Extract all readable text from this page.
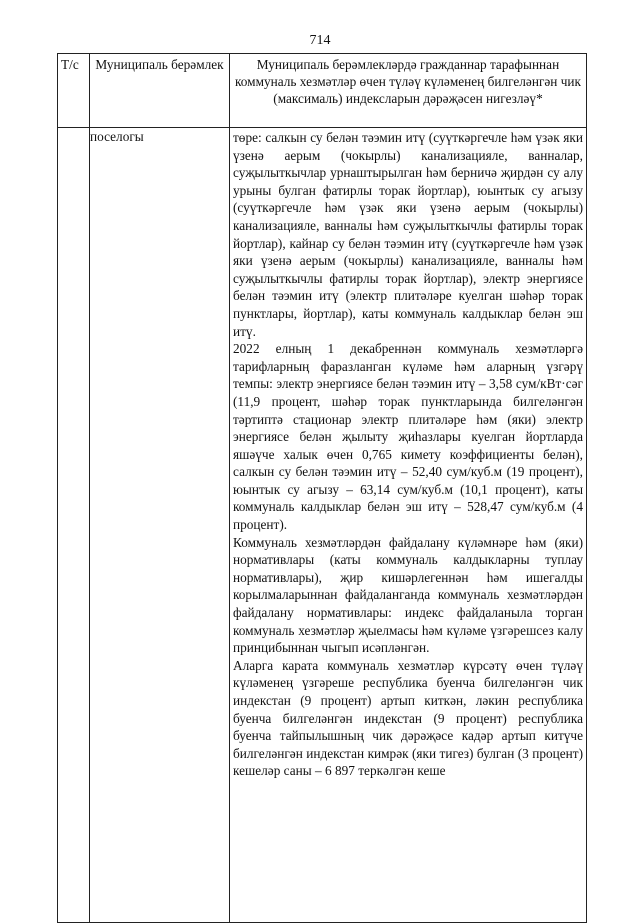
714
Т/с	Муниципаль берәмлек	Муниципаль берәмлекләрдә гражданнар тарафыннан коммуналь хезмәтләр өчен түләү күләменең билгеләнгән чик (максималь) индексларын дәрәҗәсен нигезләү*
	поселогы	төре: салкын су белән тәэмин итү (суүткәргечле һәм үзәк яки үзенә аерым (чокырлы) канализацияле, ванналар, суҗылыткычлар урнаштырылган һәм берничә җирдән су алу урыны булган фатирлы торак йортлар), юынтык су агызу (суүткәргечле һәм үзәк яки үзенә аерым (чокырлы) канализацияле, ванналы һәм суҗылыткычлы фатирлы торак йортлар), кайнар су белән тәэмин итү (суүткәргечле һәм үзәк яки үзенә аерым (чокырлы) канализацияле, ванналы һәм суҗылыткычлы фатирлы торак йортлар), электр энергиясе белән тәэмин итү (электр плитәләре куелган шәһәр торак пунктлары, йортлар), каты коммуналь калдыклар белән эш итү.

2022 елның 1 декабреннән коммуналь хезмәтләргә тарифларның фаразланган күләме һәм аларның үзгәрү темпы: электр энергиясе белән тәэмин итү – 3,58 сум/кВт·сәг (11,9 процент, шәһәр торак пунктларында билгеләнгән тәртиптә стационар электр плитәләре һәм (яки) электр энергиясе белән җылыту җиһазлары куелган йортларда яшәүче халык өчен 0,765 кимету коэффициенты белән), салкын су белән тәэмин итү – 52,40 сум/куб.м (19 процент), юынтык су агызу – 63,14 сум/куб.м (10,1 процент), каты коммуналь калдыклар белән эш итү – 528,47 сум/куб.м (4 процент).

Коммуналь хезмәтләрдән файдалану күләмнәре һәм (яки) нормативлары (каты коммуналь калдыкларны туплау нормативлары), җир кишәрлегеннән һәм ишегалды корылмаларыннан файдаланганда коммуналь хезмәтләрдән файдалану нормативлары: индекс файдаланыла торган коммуналь хезмәтләр җыелмасы һәм күләме үзгәрешсез калу принцибыннан чыгып исәпләнгән.

Аларга карата коммуналь хезмәтләр күрсәтү өчен түләү күләменең үзгәреше республика буенча билгеләнгән чик индекстан (9 процент) артып киткән, ләкин республика буенча билгеләнгән индекстан (9 процент) республика буенча тайпылышның чик дәрәҗәсе кадәр артып китүче билгеләнгән индекстан кимрәк (яки тигез) булган (3 процент) кешеләр саны – 6 897 теркәлгән кеше
